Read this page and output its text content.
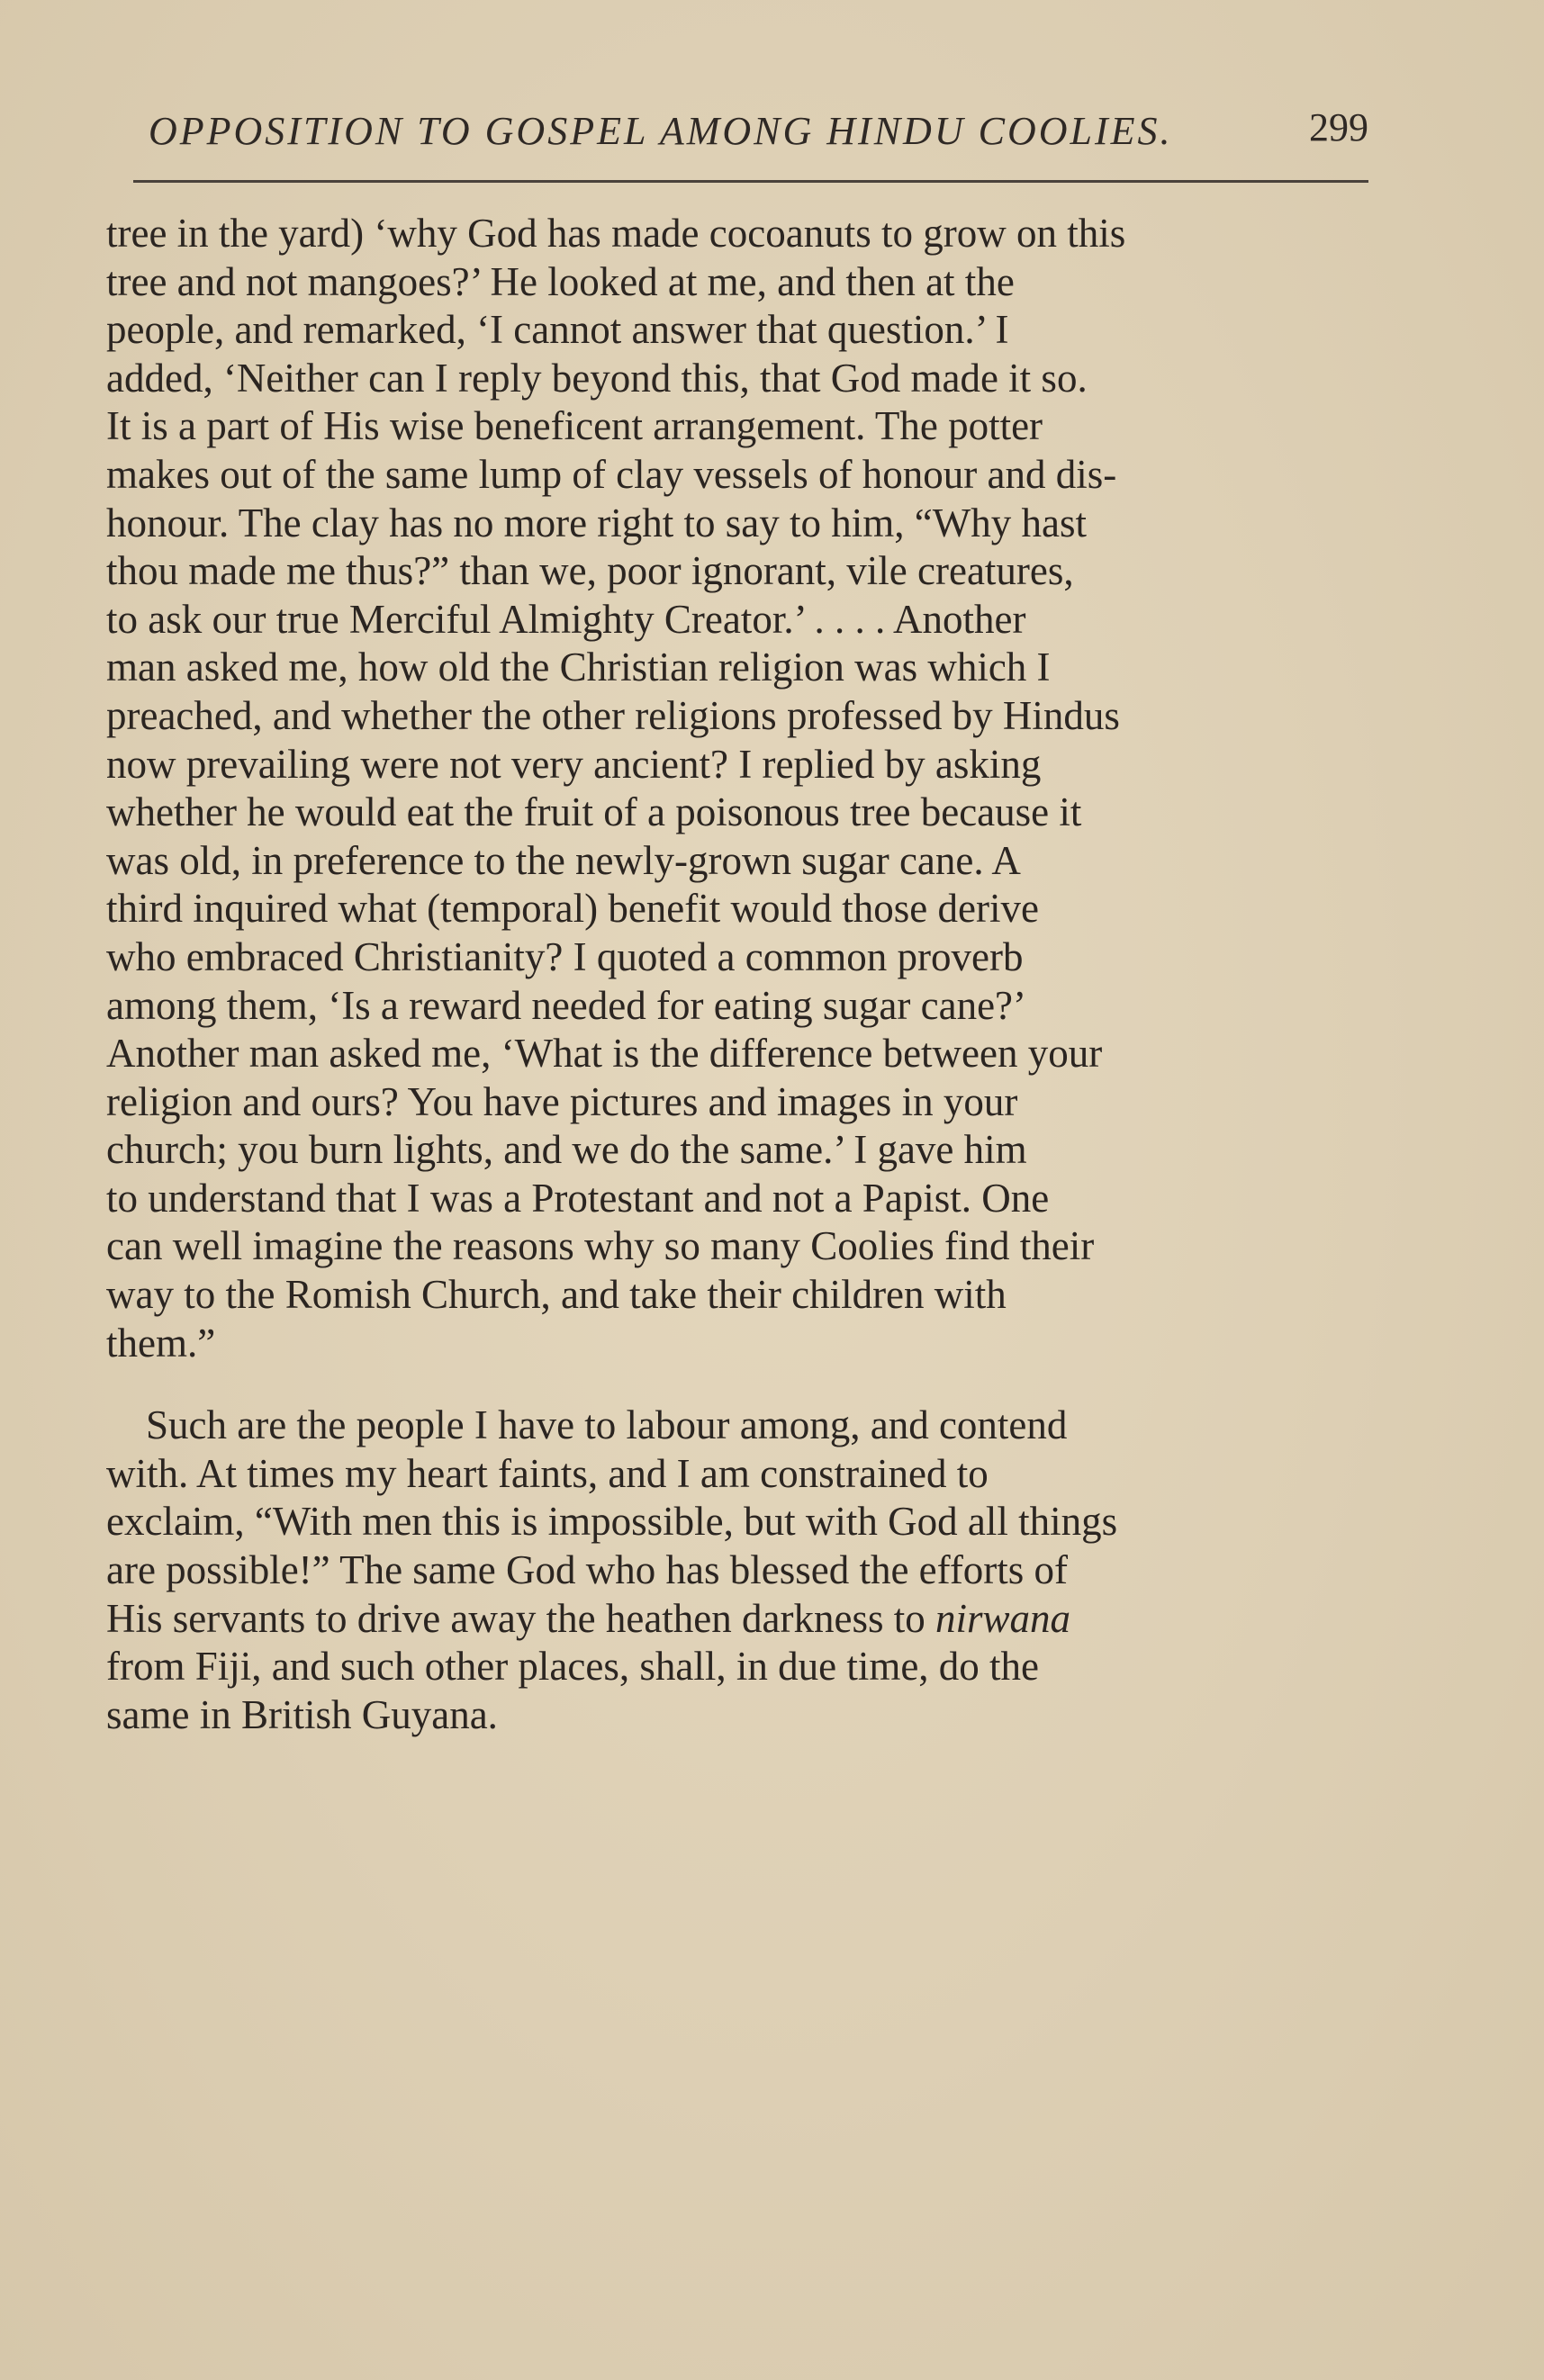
OPPOSITION TO GOSPEL AMONG HINDU COOLIES.	299

tree in the yard) ‘why God has made cocoanuts to grow on this
tree and not mangoes?’ He looked at me, and then at the
people, and remarked, ‘I cannot answer that question.’ I
added, ‘Neither can I reply beyond this, that God made it so.
It is a part of His wise beneficent arrangement. The potter
makes out of the same lump of clay vessels of honour and dis-
honour. The clay has no more right to say to him, “Why hast
thou made me thus?” than we, poor ignorant, vile creatures,
to ask our true Merciful Almighty Creator.’ . . . . Another
man asked me, how old the Christian religion was which I
preached, and whether the other religions professed by Hindus
now prevailing were not very ancient? I replied by asking
whether he would eat the fruit of a poisonous tree because it
was old, in preference to the newly-grown sugar cane. A
third inquired what (temporal) benefit would those derive
who embraced Christianity? I quoted a common proverb
among them, ‘Is a reward needed for eating sugar cane?’
Another man asked me, ‘What is the difference between your
religion and ours? You have pictures and images in your
church; you burn lights, and we do the same.’ I gave him
to understand that I was a Protestant and not a Papist. One
can well imagine the reasons why so many Coolies find their
way to the Romish Church, and take their children with
them.”

Such are the people I have to labour among, and contend
with. At times my heart faints, and I am constrained to
exclaim, “With men this is impossible, but with God all things
are possible!” The same God who has blessed the efforts of
His servants to drive away the heathen darkness to nirwana
from Fiji, and such other places, shall, in due time, do the
same in British Guyana.
